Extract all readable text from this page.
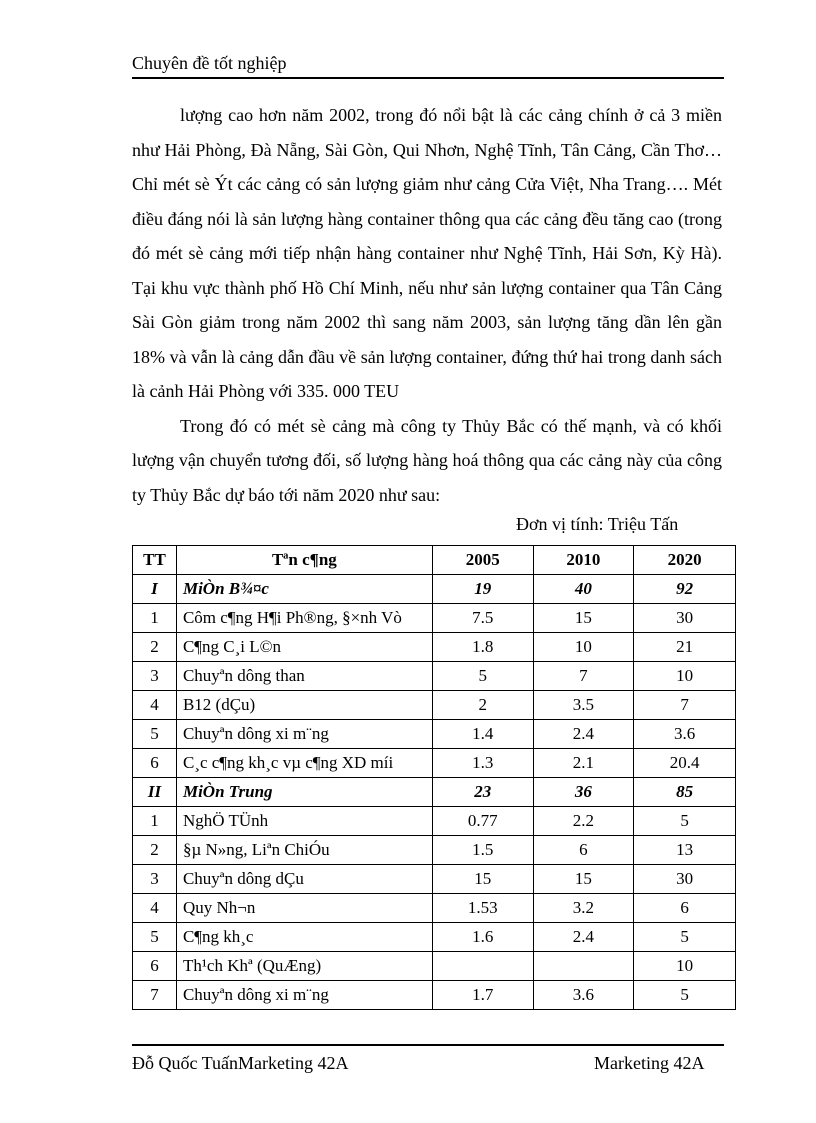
Chuyên đề tốt nghiệp

lượng cao hơn năm 2002, trong đó nổi bật là các cảng chính ở cả 3 miền như Hải Phòng, Đà Nẵng, Sài Gòn, Qui Nhơn, Nghệ Tĩnh, Tân Cảng, Cần Thơ…Chỉ mét sè Ýt các cảng có sản lượng giảm như cảng Cửa Việt, Nha Trang…. Mét điều đáng nói là sản lượng hàng container thông qua các cảng đều tăng cao (trong đó mét sè cảng mới tiếp nhận hàng container như Nghệ Tĩnh, Hải Sơn, Kỳ Hà). Tại khu vực thành phố Hồ Chí Minh, nếu như sản lượng container qua Tân Cảng Sài Gòn giảm trong năm 2002 thì sang năm 2003, sản lượng tăng dần lên gần 18% và vẫn là cảng dẫn đầu về sản lượng container, đứng thứ hai trong danh sách là cảnh Hải Phòng với 335. 000 TEU

Trong đó có mét sè cảng mà công ty Thủy Bắc có thế mạnh, và có khối lượng vận chuyển tương đối, số lượng hàng hoá thông qua các cảng này của công ty Thủy Bắc dự báo tới năm 2020 như sau:

Đơn vị tính: Triệu Tấn
TT	Tªn c¶ng	2005	2010	2020
I	MiÒn B¾¤c	19	40	92
1	Côm c¶ng H¶i Ph®ng, §×nh Vò	7.5	15	30
2	C¶ng C¸i L©n	1.8	10	21
3	Chuyªn dông than	5	7	10
4	B12 (dÇu)	2	3.5	7
5	Chuyªn dông xi m¨ng	1.4	2.4	3.6
6	C¸c c¶ng kh¸c vµ c¶ng XD míi	1.3	2.1	20.4
II	MiÒn Trung	23	36	85
1	NghÖ TÜnh	0.77	2.2	5
2	§µ N»ng, Liªn ChiÓu	1.5	6	13
3	Chuyªn dông dÇu	15	15	30
4	Quy Nh¬n	1.53	3.2	6
5	C¶ng kh¸c	1.6	2.4	5
6	Th¹ch Khª (QuÆng)			10
7	Chuyªn dông xi m¨ng	1.7	3.6	5
Đỗ Quốc TuấnMarketing 42A	Marketing 42A
